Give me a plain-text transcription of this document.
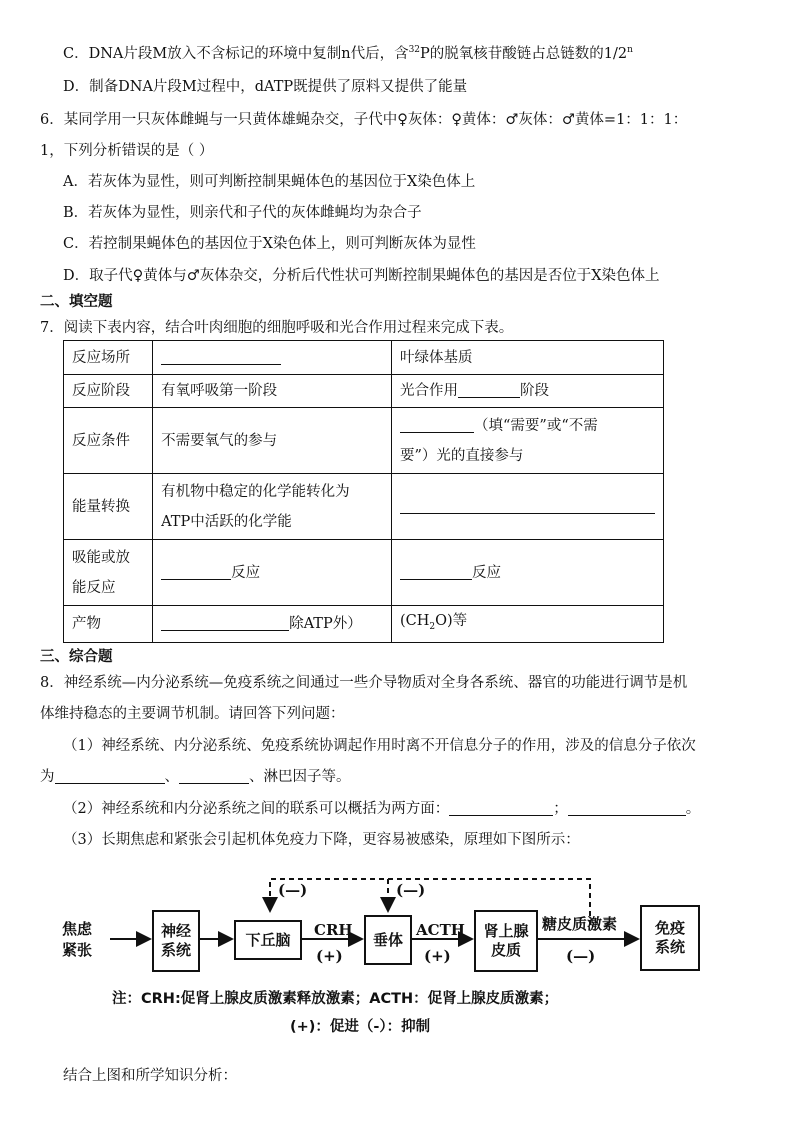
C．DNA片段M放入不含标记的环境中复制n代后，含$^{32}$P的脱氧核苷酸链占总链数的1/2$^n$
D．制备DNA片段M过程中，dATP既提供了原料又提供了能量
6．某同学用一只灰体雌蝇与一只黄体雄蝇杂交，子代中♀灰体：♀黄体：♂灰体：♂黄体=1：1：1：
1，下列分析错误的是（ ）
A．若灰体为显性，则可判断控制果蝇体色的基因位于X染色体上
B．若灰体为显性，则亲代和子代的灰体雌蝇均为杂合子
C．若控制果蝇体色的基因位于X染色体上，则可判断灰体为显性
D．取子代♀黄体与♂灰体杂交，分析后代性状可判断控制果蝇体色的基因是否位于X染色体上
二、填空题
7．阅读下表内容，结合叶肉细胞的细胞呼吸和光合作用过程来完成下表。
反应场所		叶绿体基质
反应阶段	有氧呼吸第一阶段	光合作用 阶段
反应条件	不需要氧气的参与	（填“需要”或“不需
要”）光的直接参与
能量转换	有机物中稳定的化学能转化为
ATP中活跃的化学能	
吸能或放
能反应	反应	反应
产物	除ATP外）	$(CH_2O)$等
三、综合题
8．神经系统—内分泌系统—免疫系统之间通过一些介导物质对全身各系统、器官的功能进行调节是机
体维持稳态的主要调节机制。请回答下列问题：
（1）神经系统、内分泌系统、免疫系统协调起作用时离不开信息分子的作用，涉及的信息分子依次
为	、	、淋巴因子等。
（2）神经系统和内分泌系统之间的联系可以概括为两方面：	；	。
（3）长期焦虑和紧张会引起机体免疫力下降，更容易被感染，原理如下图所示：
焦虑
紧张
神经
系统
下丘脑
CRH
(+)
垂体
ACTH
(+)
肾上腺
皮质
糖皮质激素
(—)
免疫
系统
(—)	(—)
注：CRH:促肾上腺皮质激素释放激素；ACTH：促肾上腺皮质激素；
(+)：促进（-）：抑制
结合上图和所学知识分析：
